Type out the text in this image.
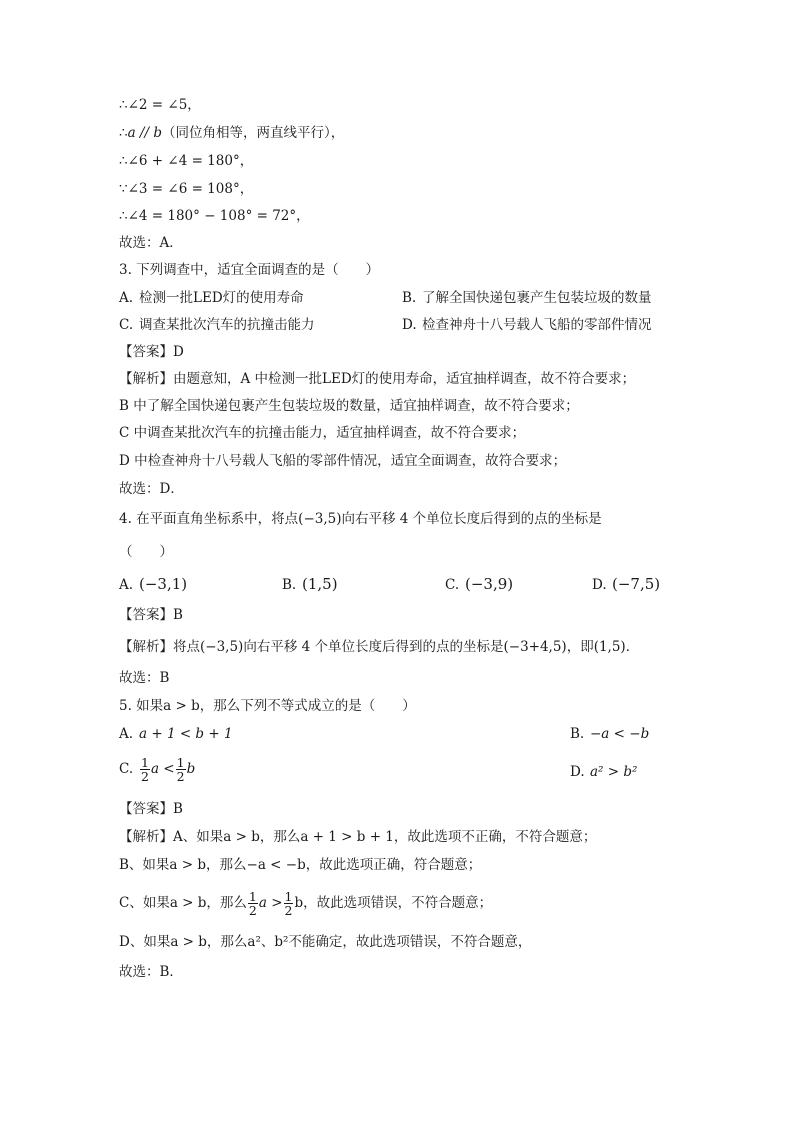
∴∠2 = ∠5，
∴a // b（同位角相等，两直线平行），
∴∠6 + ∠4 = 180°，
∵∠3 = ∠6 = 108°，
∴∠4 = 180° − 108° = 72°，
故选：A．
3. 下列调查中，适宜全面调查的是（　　）
A. 检测一批LED灯的使用寿命	B. 了解全国快递包裹产生包装垃圾的数量
C. 调查某批次汽车的抗撞击能力	D. 检查神舟十八号载人飞船的零部件情况
【答案】D
【解析】由题意知，A 中检测一批LED灯的使用寿命，适宜抽样调查，故不符合要求；
B 中了解全国快递包裹产生包装垃圾的数量，适宜抽样调查，故不符合要求；
C 中调查某批次汽车的抗撞击能力，适宜抽样调查，故不符合要求；
D 中检查神舟十八号载人飞船的零部件情况，适宜全面调查，故符合要求；
故选：D．
4. 在平面直角坐标系中，将点(−3,5)向右平移 4 个单位长度后得到的点的坐标是
（　　）
A. (−3,1)	B. (1,5)	C. (−3,9)	D. (−7,5)
【答案】B
【解析】将点(−3,5)向右平移 4 个单位长度后得到的点的坐标是(−3+4,5)，即(1,5)．
故选：B
5. 如果a > b，那么下列不等式成立的是（　　）
A. a + 1 < b + 1	B. −a < −b
C. $\frac{1}{2}$ $a < \frac{1}{2}$ b	D. a² > b²
【答案】B
【解析】A、如果a > b，那么a + 1 > b + 1，故此选项不正确，不符合题意；
B、如果a > b，那么−a < −b，故此选项正确，符合题意；
C、如果a > b，那么 $\frac{1}{2}$ $a > \frac{1}{2}$ b，故此选项错误，不符合题意；
D、如果a > b，那么a²、b²不能确定，故此选项错误，不符合题意，
故选：B．
